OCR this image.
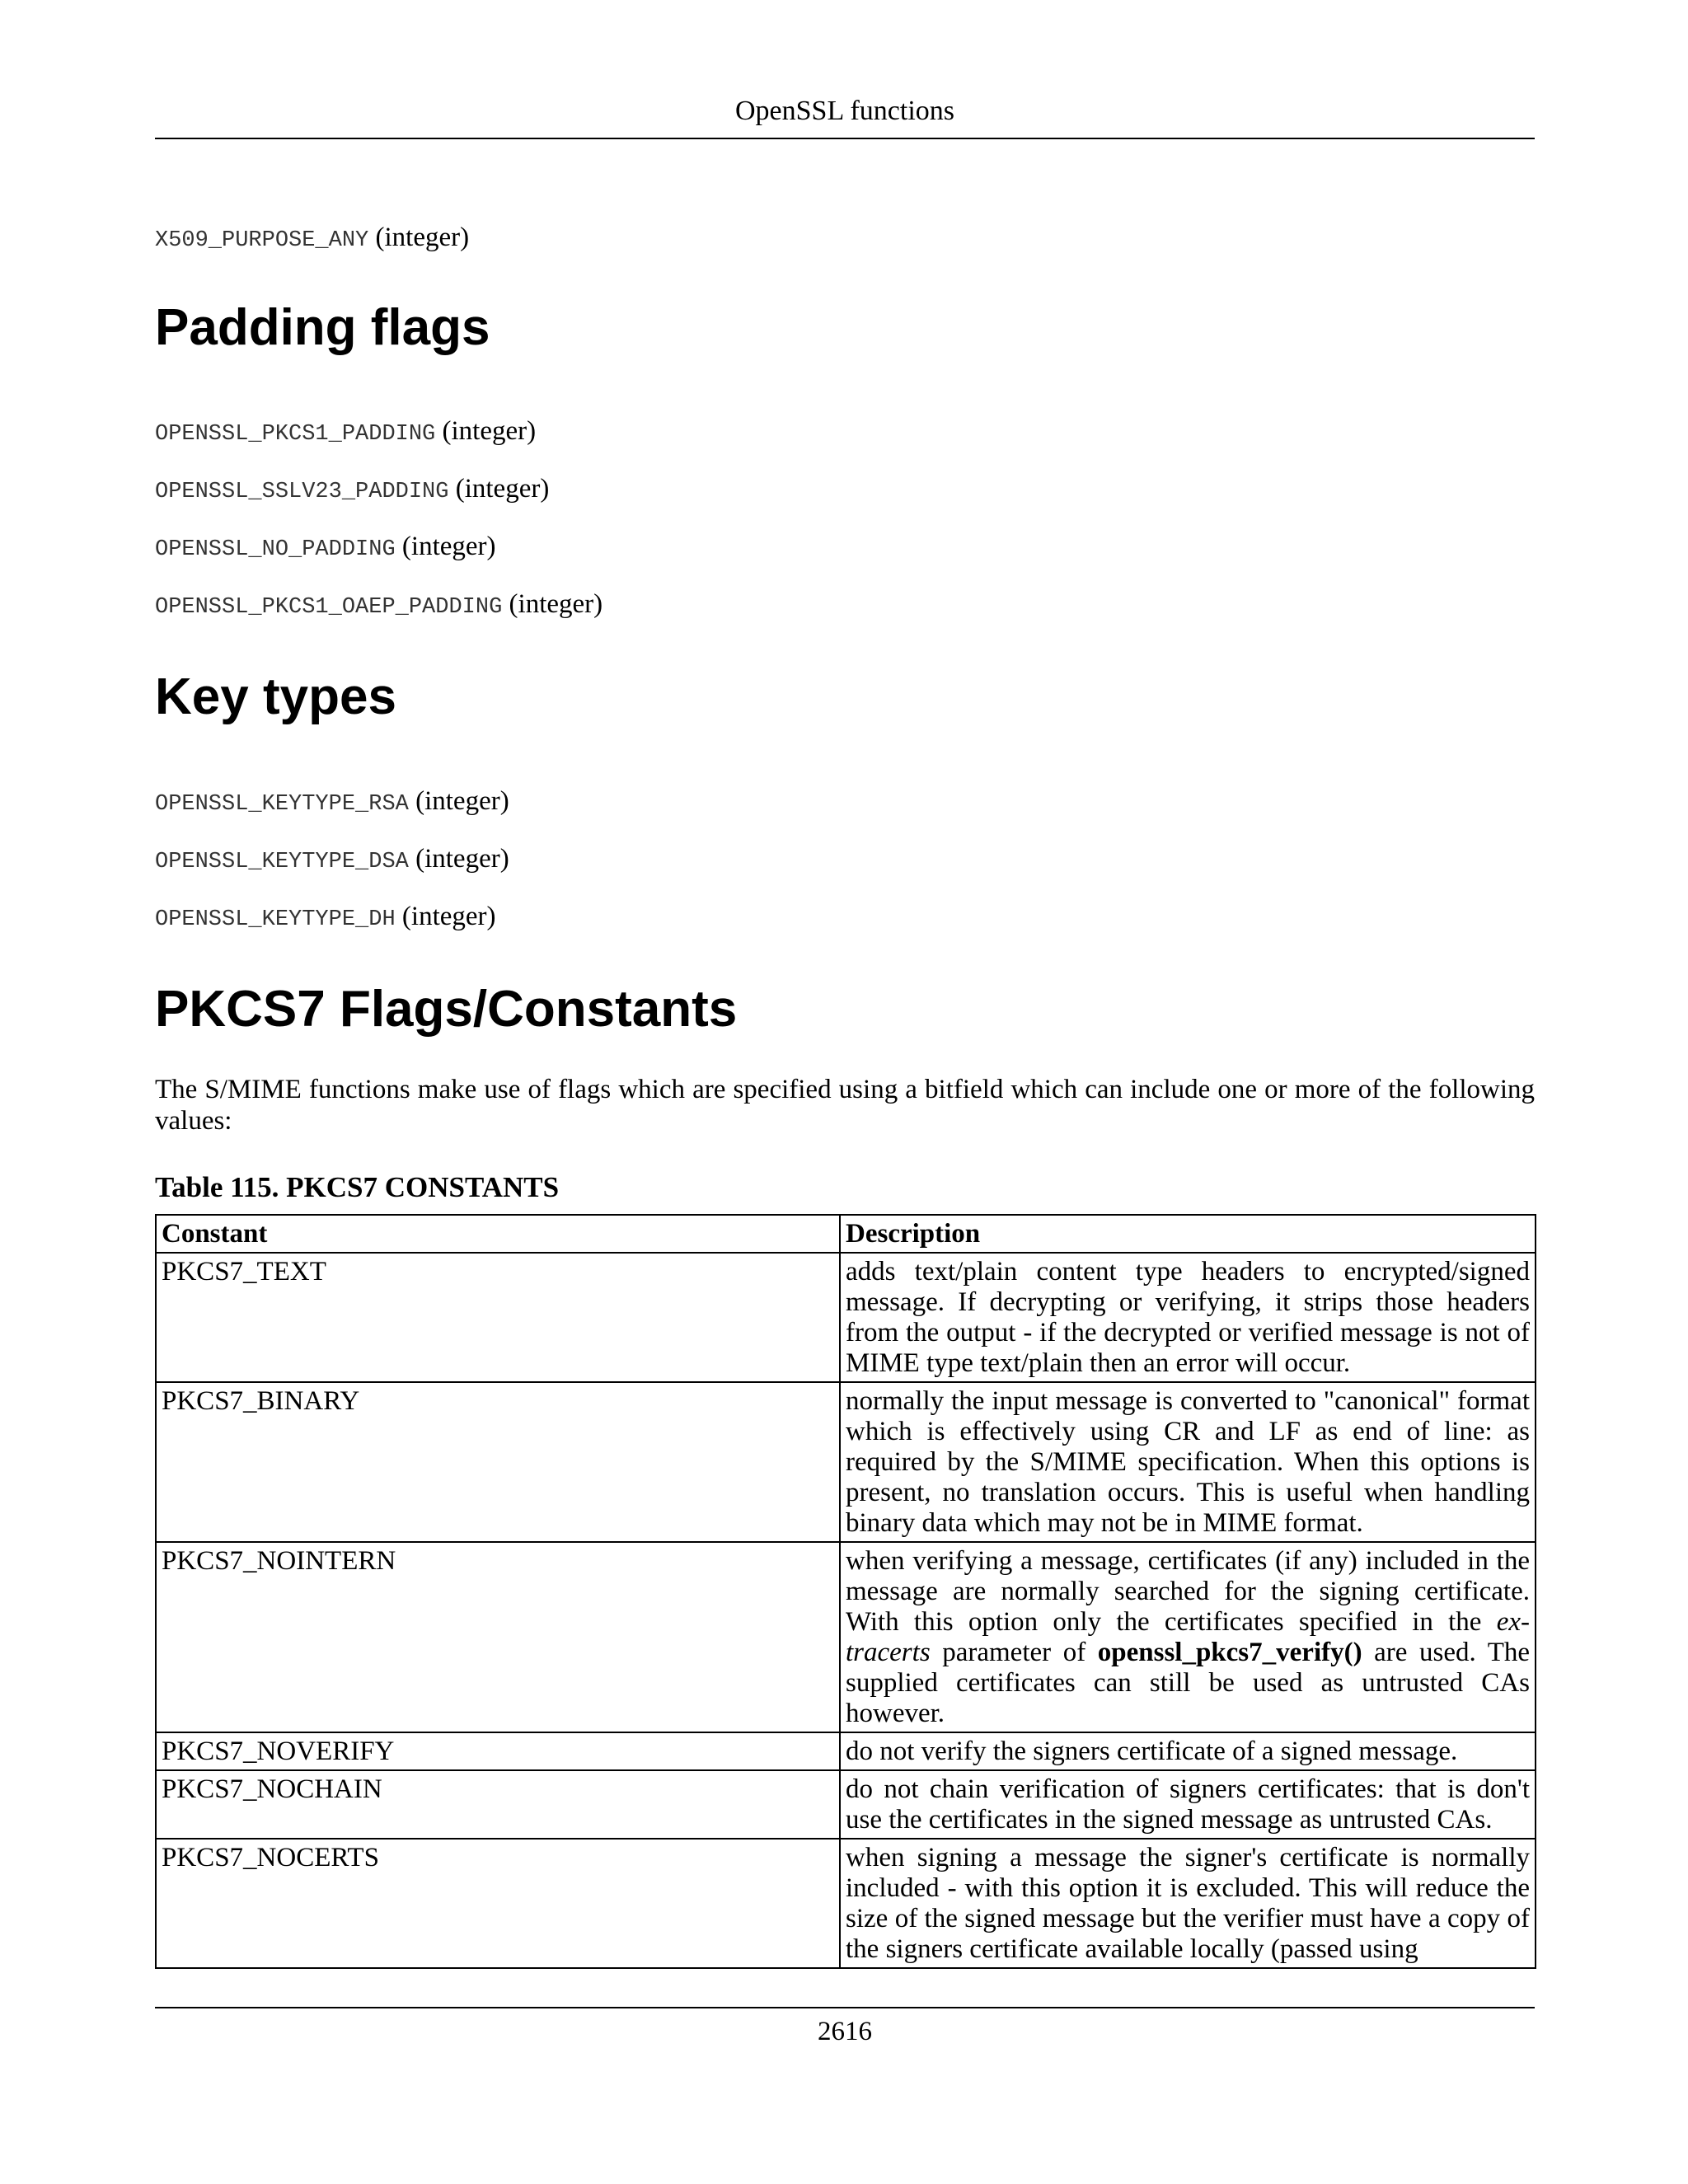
OpenSSL functions
X509_PURPOSE_ANY (integer)
Padding flags
OPENSSL_PKCS1_PADDING (integer)
OPENSSL_SSLV23_PADDING (integer)
OPENSSL_NO_PADDING (integer)
OPENSSL_PKCS1_OAEP_PADDING (integer)
Key types
OPENSSL_KEYTYPE_RSA (integer)
OPENSSL_KEYTYPE_DSA (integer)
OPENSSL_KEYTYPE_DH (integer)
PKCS7 Flags/Constants
The S/MIME functions make use of flags which are specified using a bitfield which can include one or more of the following values:
Table 115. PKCS7 CONSTANTS
Constant	Description
PKCS7_TEXT	adds text/plain content type headers to encrypted/signed message. If decrypting or verifying, it strips those headers from the output - if the decrypted or verified message is not of MIME type text/plain then an error will occur.
PKCS7_BINARY	normally the input message is converted to "canonical" format which is effectively using CR and LF as end of line: as required by the S/MIME specification. When this options is present, no translation occurs. This is useful when handling binary data which may not be in MIME format.
PKCS7_NOINTERN	when verifying a message, certificates (if any) included in the message are normally searched for the signing certificate. With this option only the certificates specified in the extracerts parameter of openssl_pkcs7_verify() are used. The supplied certificates can still be used as untrusted CAs however.
PKCS7_NOVERIFY	do not verify the signers certificate of a signed message.
PKCS7_NOCHAIN	do not chain verification of signers certificates: that is don't use the certificates in the signed message as untrusted CAs.
PKCS7_NOCERTS	when signing a message the signer's certificate is normally included - with this option it is excluded. This will reduce the size of the signed message but the verifier must have a copy of the signers certificate available locally (passed using
2616
